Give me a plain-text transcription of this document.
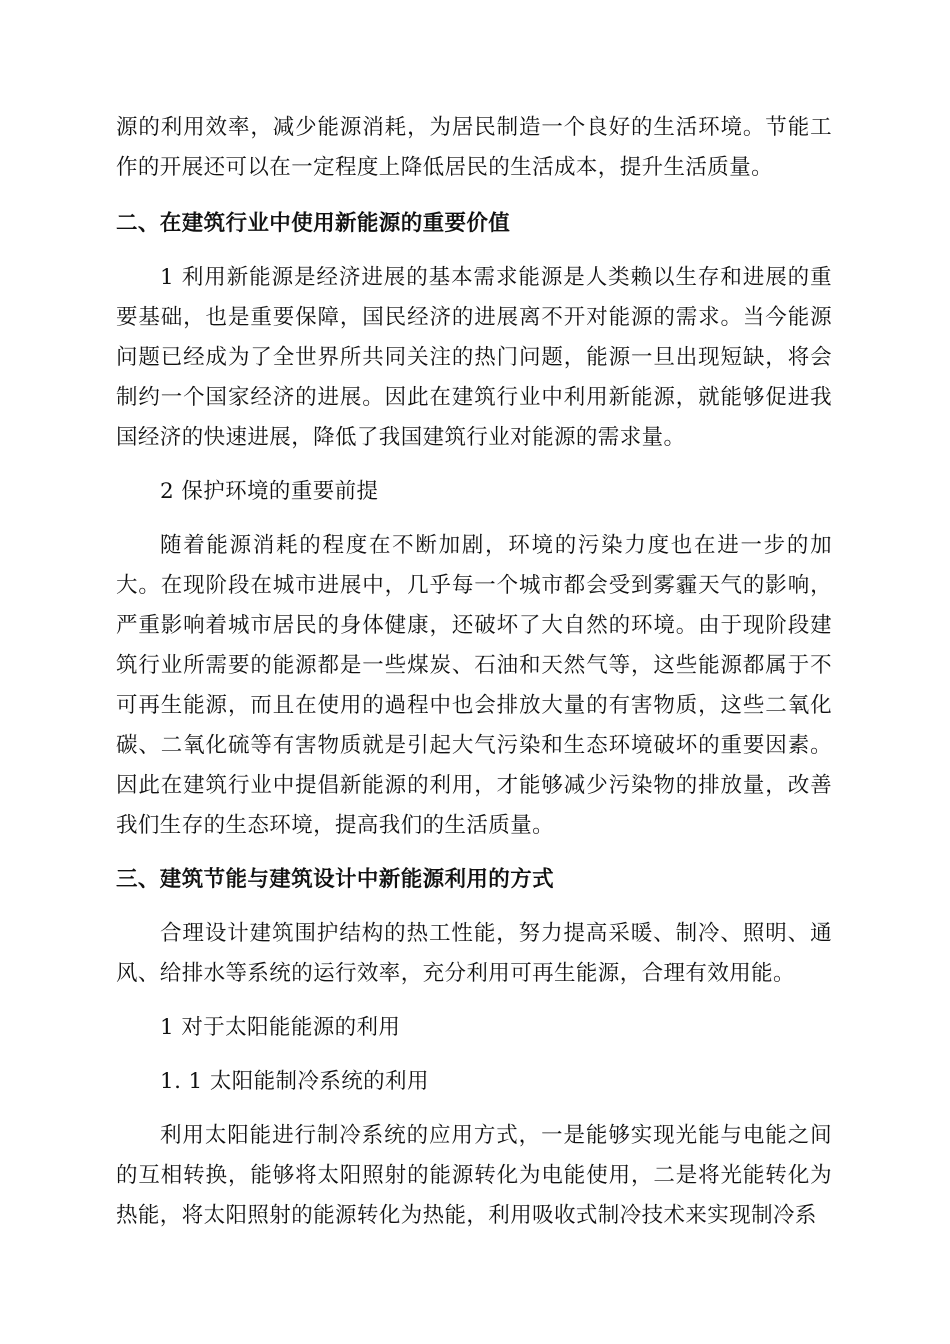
源的利用效率，减少能源消耗，为居民制造一个良好的生活环境。节能工作的开展还可以在一定程度上降低居民的生活成本，提升生活质量。

二、在建筑行业中使用新能源的重要价值

1 利用新能源是经济进展的基本需求能源是人类赖以生存和进展的重要基础，也是重要保障，国民经济的进展离不开对能源的需求。当今能源问题已经成为了全世界所共同关注的热门问题，能源一旦出现短缺，将会制约一个国家经济的进展。因此在建筑行业中利用新能源，就能够促进我国经济的快速进展，降低了我国建筑行业对能源的需求量。

2 保护环境的重要前提

随着能源消耗的程度在不断加剧，环境的污染力度也在进一步的加大。在现阶段在城市进展中，几乎每一个城市都会受到雾霾天气的影响，严重影响着城市居民的身体健康，还破坏了大自然的环境。由于现阶段建筑行业所需要的能源都是一些煤炭、石油和天然气等，这些能源都属于不可再生能源，而且在使用的過程中也会排放大量的有害物质，这些二氧化碳、二氧化硫等有害物质就是引起大气污染和生态环境破坏的重要因素。因此在建筑行业中提倡新能源的利用，才能够减少污染物的排放量，改善我们生存的生态环境，提高我们的生活质量。

三、建筑节能与建筑设计中新能源利用的方式

合理设计建筑围护结构的热工性能，努力提高采暖、制冷、照明、通风、给排水等系统的运行效率，充分利用可再生能源，合理有效用能。

1 对于太阳能能源的利用

1. 1 太阳能制冷系统的利用

利用太阳能进行制冷系统的应用方式，一是能够实现光能与电能之间的互相转换，能够将太阳照射的能源转化为电能使用，二是将光能转化为热能，将太阳照射的能源转化为热能，利用吸收式制冷技术来实现制冷系
